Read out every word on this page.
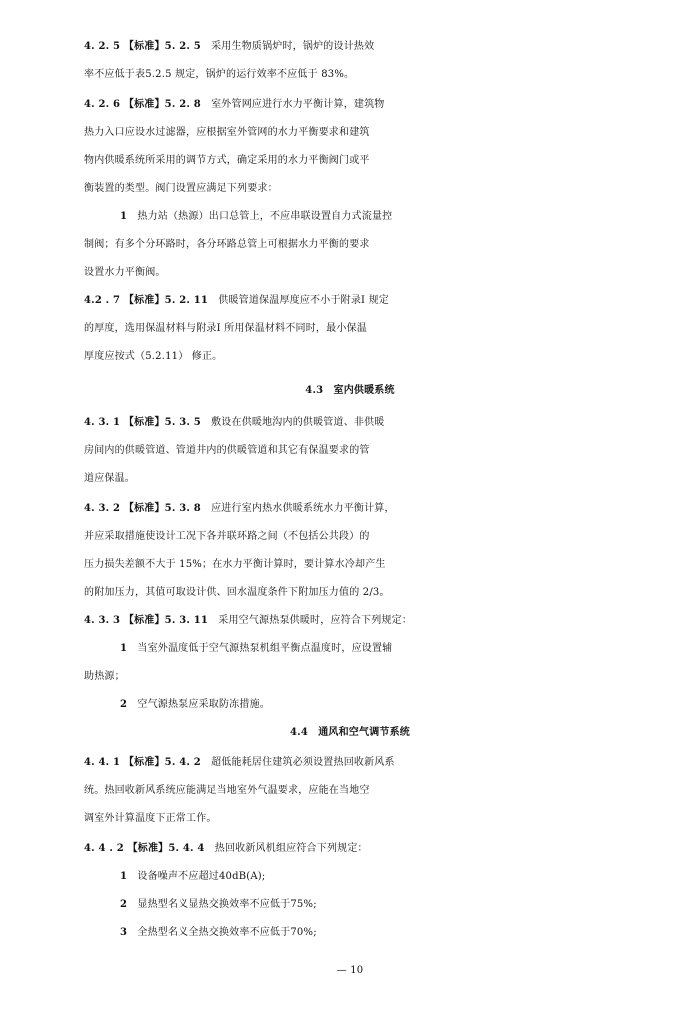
4. 2. 5 【标准】5. 2. 5　采用生物质锅炉时，锅炉的设计热效
率不应低于表5.2.5 规定，锅炉的运行效率不应低于 83%。
4. 2. 6 【标准】5. 2. 8　室外管网应进行水力平衡计算，建筑物
热力入口应设水过滤器，应根据室外管网的水力平衡要求和建筑
物内供暖系统所采用的调节方式，确定采用的水力平衡阀门或平
衡装置的类型。阀门设置应满足下列要求：
1　热力站（热源）出口总管上，不应串联设置自力式流量控
制阀；有多个分环路时，各分环路总管上可根据水力平衡的要求
设置水力平衡阀。
4.2 . 7 【标准】5. 2. 11　供暖管道保温厚度应不小于附录Ⅰ 规定
的厚度，选用保温材料与附录Ⅰ 所用保温材料不同时，最小保温
厚度应按式（5.2.11） 修正。
4.3　室内供暖系统
4. 3. 1 【标准】5. 3. 5　敷设在供暖地沟内的供暖管道、非供暖
房间内的供暖管道、管道井内的供暖管道和其它有保温要求的管
道应保温。
4. 3. 2 【标准】5. 3. 8　应进行室内热水供暖系统水力平衡计算，
并应采取措施使设计工况下各并联环路之间（不包括公共段）的
压力损失差额不大于 15%；在水力平衡计算时，要计算水冷却产生
的附加压力，其值可取设计供、回水温度条件下附加压力值的 2/3。
4. 3. 3 【标准】5. 3. 11　采用空气源热泵供暖时，应符合下列规定：
1　当室外温度低于空气源热泵机组平衡点温度时，应设置辅
助热源；
2　空气源热泵应采取防冻措施。
4.4　通风和空气调节系统
4. 4. 1 【标准】5. 4. 2　超低能耗居住建筑必须设置热回收新风系
统。热回收新风系统应能满足当地室外气温要求，应能在当地空
调室外计算温度下正常工作。
4. 4 . 2 【标准】5. 4. 4　热回收新风机组应符合下列规定：
1　设备噪声不应超过40dB(A);
2　显热型名义显热交换效率不应低于75%;
3　全热型名义全热交换效率不应低于70%;
— 10
